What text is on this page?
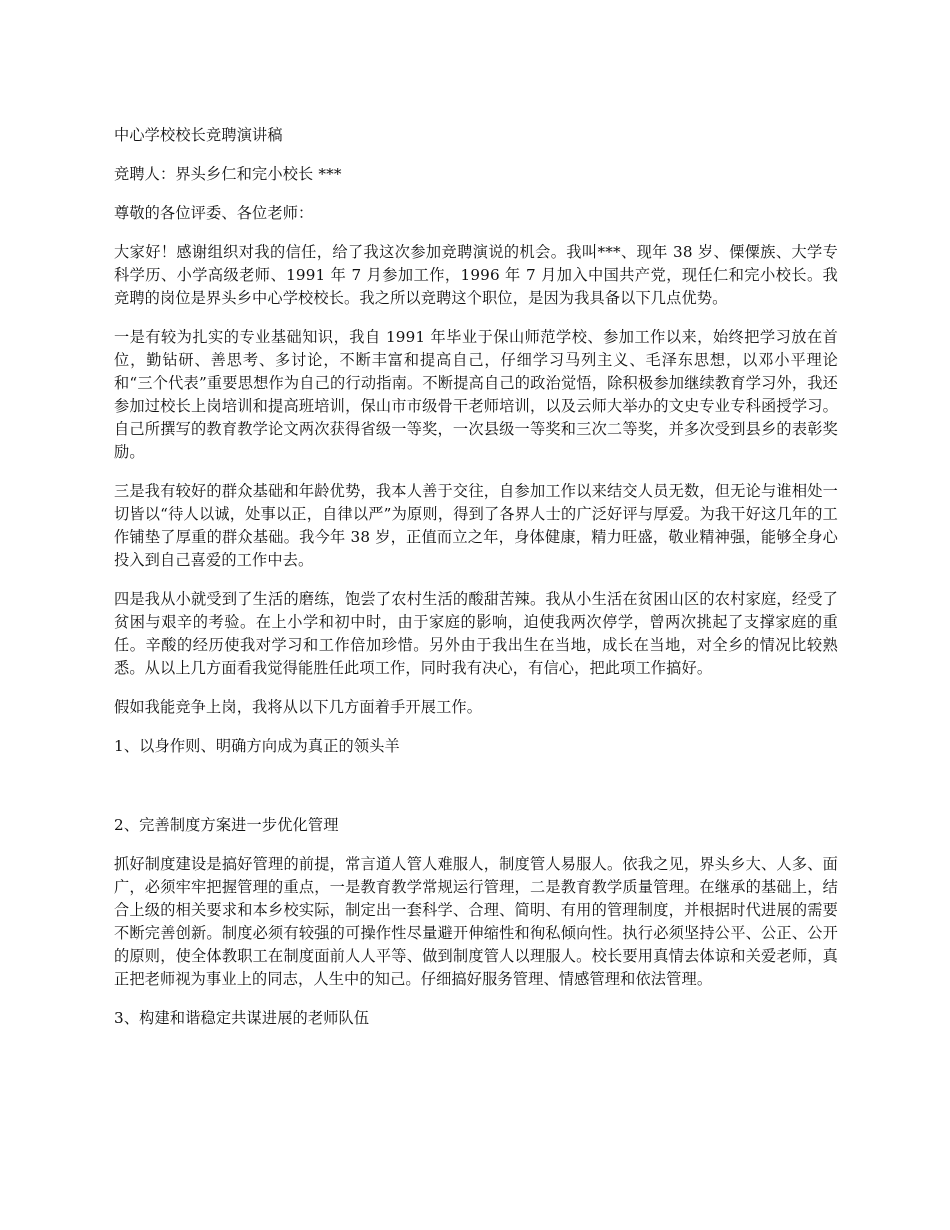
中心学校校长竞聘演讲稿

竞聘人：界头乡仁和完小校长 ***

尊敬的各位评委、各位老师：

大家好！感谢组织对我的信任，给了我这次参加竞聘演说的机会。我叫***、现年 38 岁、傈僳族、大学专科学历、小学高级老师、1991 年 7 月参加工作，1996 年 7 月加入中国共产党，现任仁和完小校长。我竞聘的岗位是界头乡中心学校校长。我之所以竞聘这个职位，是因为我具备以下几点优势。

一是有较为扎实的专业基础知识，我自 1991 年毕业于保山师范学校、参加工作以来，始终把学习放在首位，勤钻研、善思考、多讨论，不断丰富和提高自己，仔细学习马列主义、毛泽东思想，以邓小平理论和“三个代表”重要思想作为自己的行动指南。不断提高自己的政治觉悟，除积极参加继续教育学习外，我还参加过校长上岗培训和提高班培训，保山市市级骨干老师培训，以及云师大举办的文史专业专科函授学习。自己所撰写的教育教学论文两次获得省级一等奖，一次县级一等奖和三次二等奖，并多次受到县乡的表彰奖励。

三是我有较好的群众基础和年龄优势，我本人善于交往，自参加工作以来结交人员无数，但无论与谁相处一切皆以“待人以诚，处事以正，自律以严”为原则，得到了各界人士的广泛好评与厚爱。为我干好这几年的工作铺垫了厚重的群众基础。我今年 38 岁，正值而立之年，身体健康，精力旺盛，敬业精神强，能够全身心投入到自己喜爱的工作中去。

四是我从小就受到了生活的磨练，饱尝了农村生活的酸甜苦辣。我从小生活在贫困山区的农村家庭，经受了贫困与艰辛的考验。在上小学和初中时，由于家庭的影响，迫使我两次停学，曾两次挑起了支撑家庭的重任。辛酸的经历使我对学习和工作倍加珍惜。另外由于我出生在当地，成长在当地，对全乡的情况比较熟悉。从以上几方面看我觉得能胜任此项工作，同时我有决心，有信心，把此项工作搞好。

假如我能竞争上岗，我将从以下几方面着手开展工作。

1、以身作则、明确方向成为真正的领头羊

2、完善制度方案进一步优化管理

抓好制度建设是搞好管理的前提，常言道人管人难服人，制度管人易服人。依我之见，界头乡大、人多、面广，必须牢牢把握管理的重点，一是教育教学常规运行管理，二是教育教学质量管理。在继承的基础上，结合上级的相关要求和本乡校实际，制定出一套科学、合理、简明、有用的管理制度，并根据时代进展的需要不断完善创新。制度必须有较强的可操作性尽量避开伸缩性和徇私倾向性。执行必须坚持公平、公正、公开的原则，使全体教职工在制度面前人人平等、做到制度管人以理服人。校长要用真情去体谅和关爱老师，真正把老师视为事业上的同志，人生中的知己。仔细搞好服务管理、情感管理和依法管理。

3、构建和谐稳定共谋进展的老师队伍
